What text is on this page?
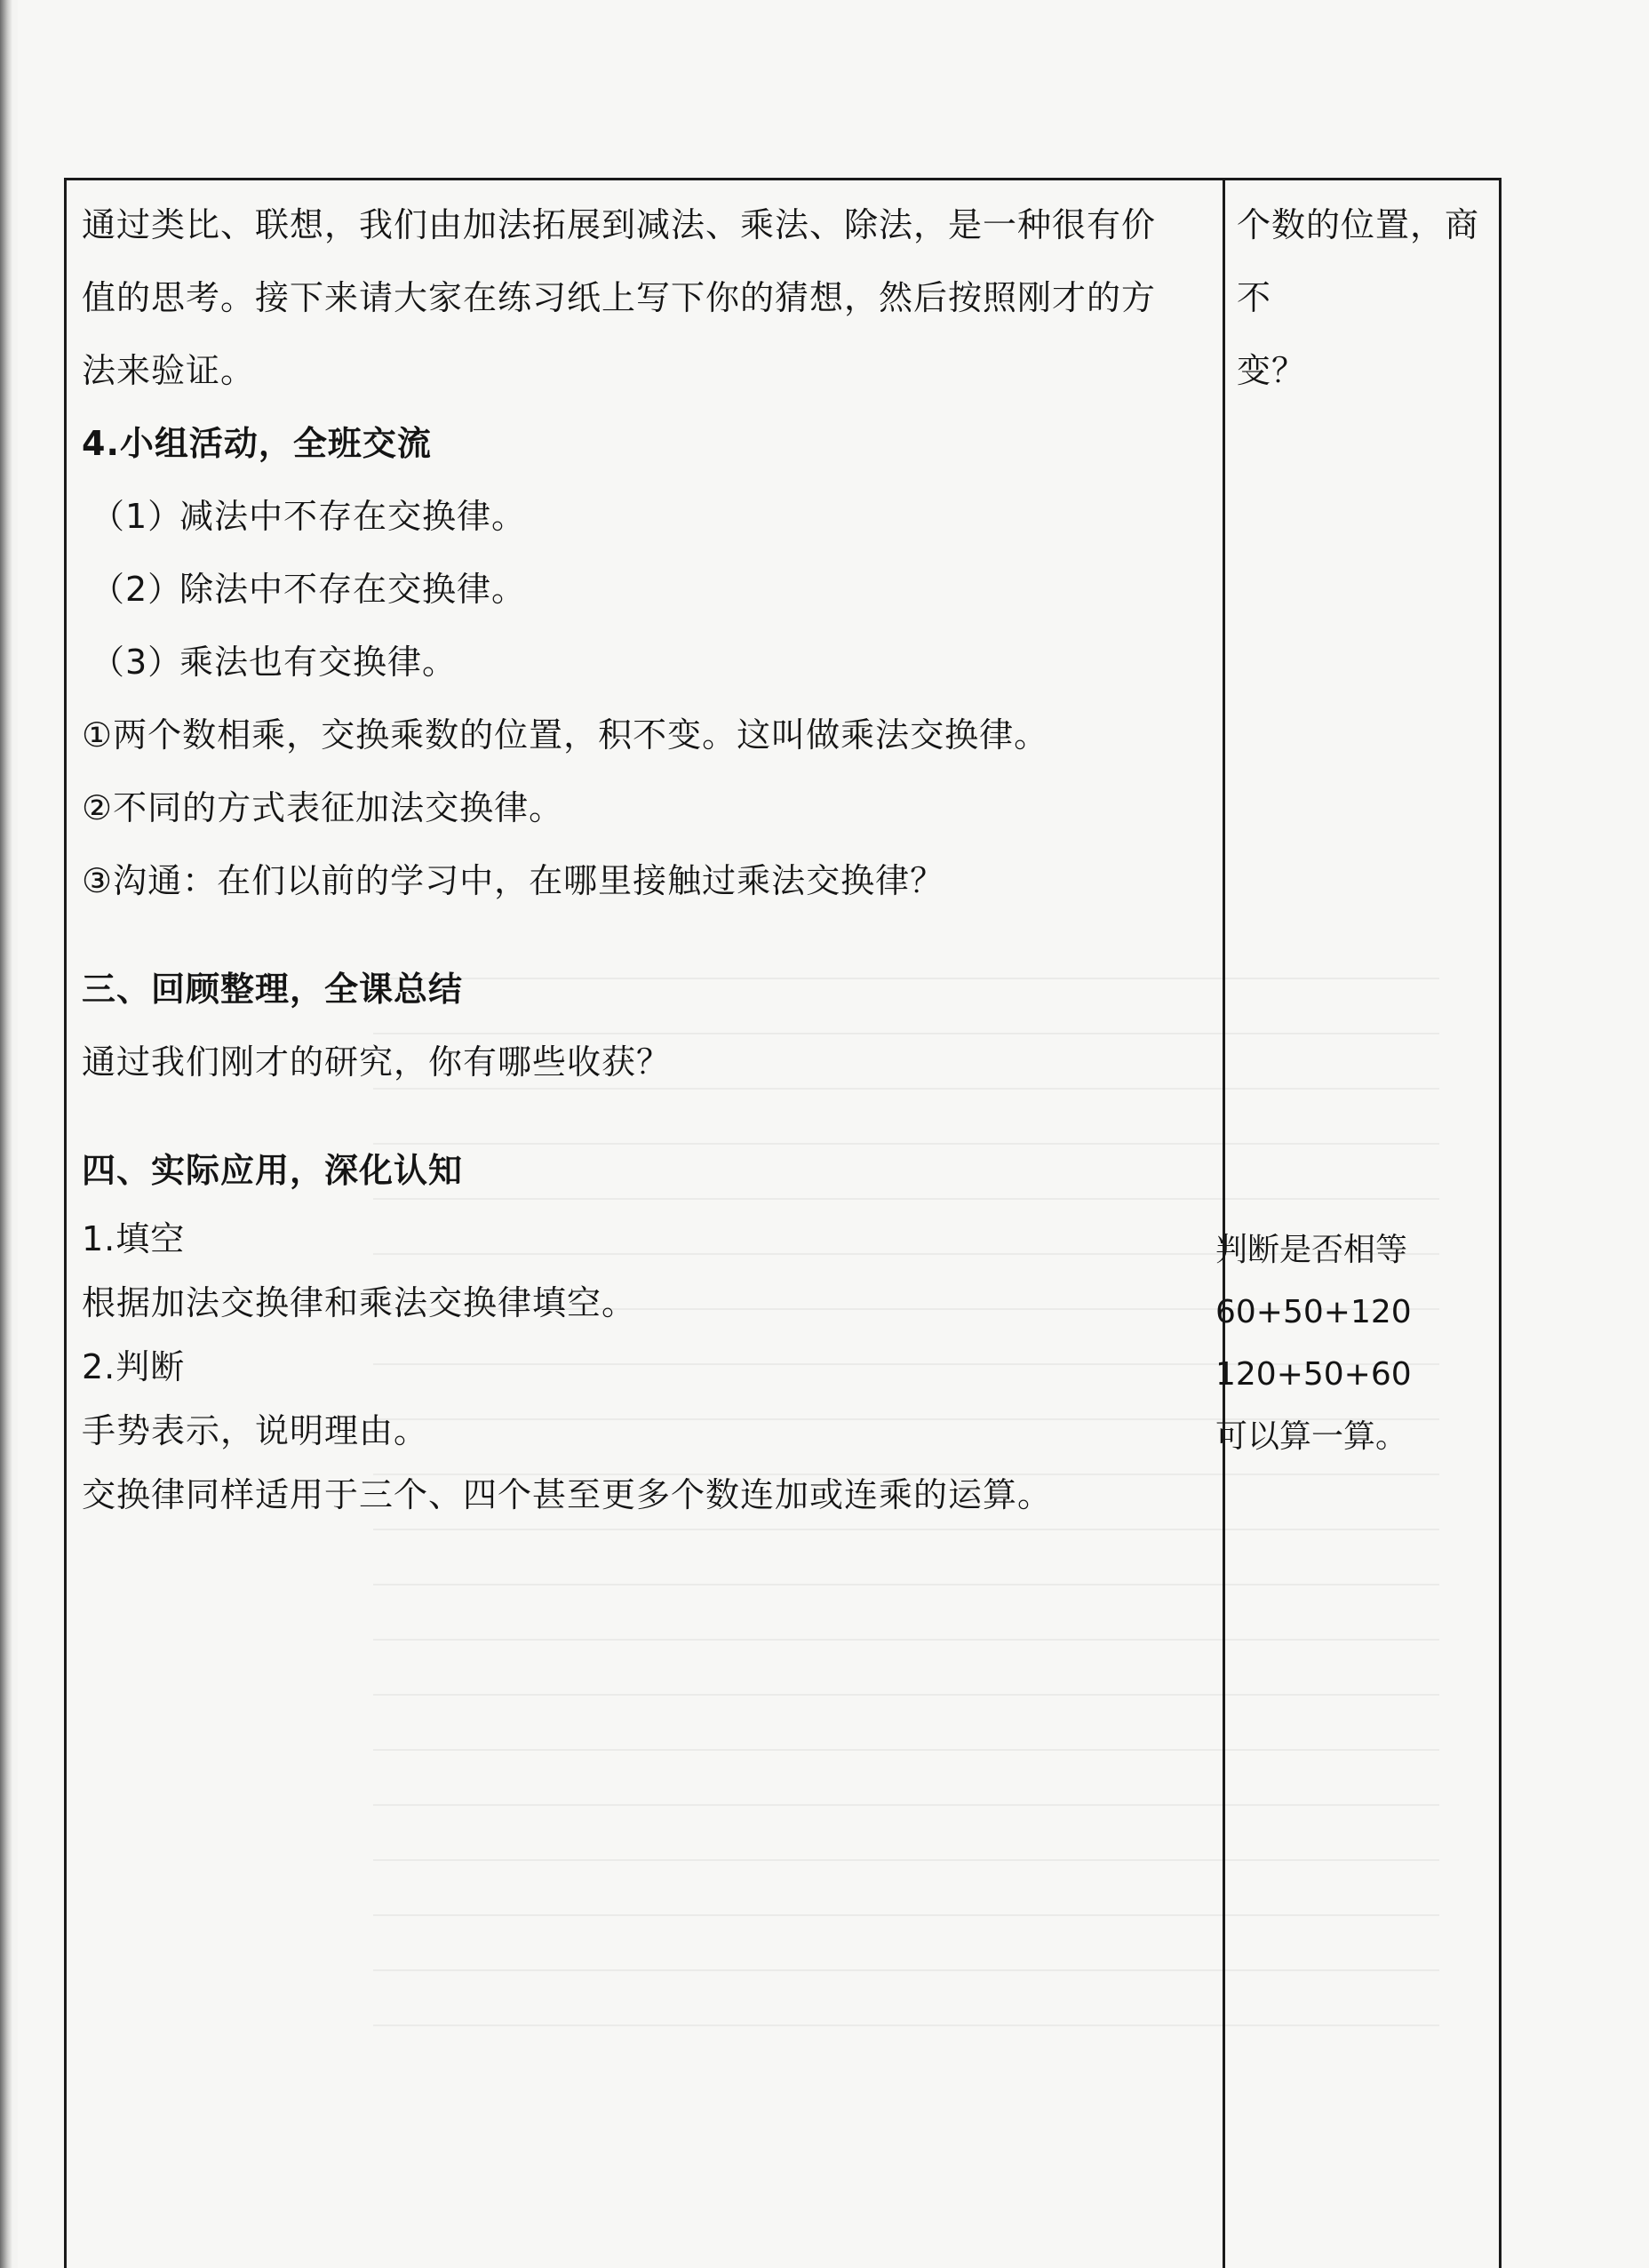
通过类比、联想，我们由加法拓展到减法、乘法、除法，是一种很有价
值的思考。接下来请大家在练习纸上写下你的猜想，然后按照刚才的方
法来验证。
4.小组活动，全班交流
（1）减法中不存在交换律。
（2）除法中不存在交换律。
（3）乘法也有交换律。
①两个数相乘，交换乘数的位置，积不变。这叫做乘法交换律。
②不同的方式表征加法交换律。
③沟通：在们以前的学习中，在哪里接触过乘法交换律？
三、回顾整理，全课总结
通过我们刚才的研究，你有哪些收获？
四、实际应用，深化认知
1.填空
根据加法交换律和乘法交换律填空。
2.判断
手势表示，说明理由。
交换律同样适用于三个、四个甚至更多个数连加或连乘的运算。
个数的位置，商不
变？
判断是否相等
60+50+120
120+50+60
可以算一算。
